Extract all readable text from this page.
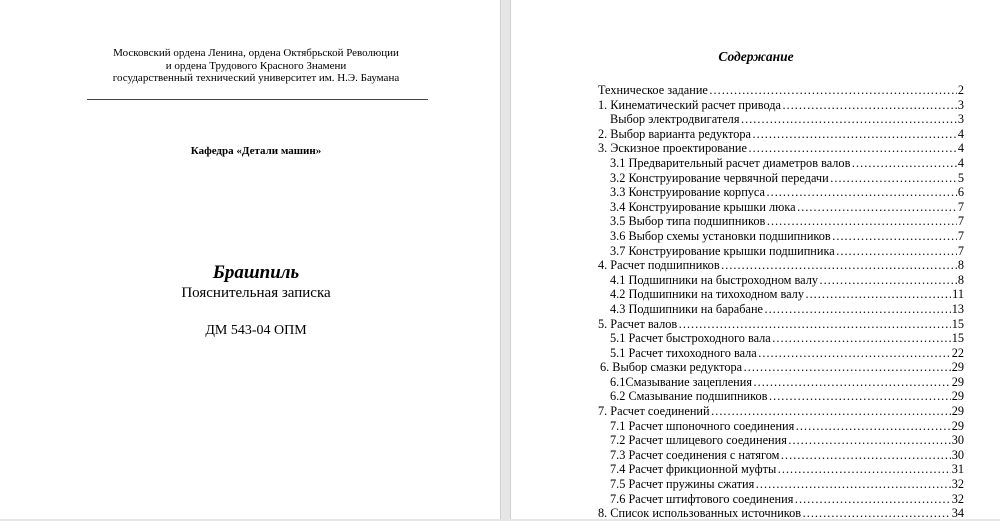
Московский ордена Ленина, ордена Октябрьской Революции
и ордена Трудового Красного Знамени
государственный технический университет им. Н.Э. Баумана
Кафедра «Детали машин»
Брашпиль
Пояснительная записка
ДМ 543-04 ОПМ
Содержание
Техническое задание ………………………………………………………………………………………………………………………………	2
1. Кинематический расчет привода ………………………………………………………………………………………………………………………………	3
Выбор электродвигателя ………………………………………………………………………………………………………………………………	3
2. Выбор варианта редуктора ………………………………………………………………………………………………………………………………	4
3. Эскизное проектирование ………………………………………………………………………………………………………………………………	4
3.1 Предварительный расчет диаметров валов ………………………………………………………………………………………………………………………………	4
3.2 Конструирование червячной передачи ………………………………………………………………………………………………………………………………	5
3.3 Конструирование корпуса ………………………………………………………………………………………………………………………………	6
3.4 Конструирование крышки люка ………………………………………………………………………………………………………………………………	7
3.5 Выбор типа подшипников ………………………………………………………………………………………………………………………………	7
3.6 Выбор схемы установки подшипников ………………………………………………………………………………………………………………………………	7
3.7 Конструирование крышки подшипника ………………………………………………………………………………………………………………………………	7
4. Расчет подшипников ………………………………………………………………………………………………………………………………	8
4.1 Подшипники на быстроходном валу ………………………………………………………………………………………………………………………………	8
4.2 Подшипники на тихоходном валу ………………………………………………………………………………………………………………………………	11
4.3 Подшипники на барабане ………………………………………………………………………………………………………………………………	13
5. Расчет валов ………………………………………………………………………………………………………………………………	15
5.1 Расчет быстроходного вала ………………………………………………………………………………………………………………………………	15
5.1 Расчет тихоходного вала ………………………………………………………………………………………………………………………………	22
6. Выбор смазки редуктора ………………………………………………………………………………………………………………………………	29
6.1Смазывание зацепления ………………………………………………………………………………………………………………………………	29
6.2 Смазывание подшипников ………………………………………………………………………………………………………………………………	29
7. Расчет соединений ………………………………………………………………………………………………………………………………	29
7.1 Расчет шпоночного соединения ………………………………………………………………………………………………………………………………	29
7.2 Расчет шлицевого соединения ………………………………………………………………………………………………………………………………	30
7.3 Расчет соединения с натягом ………………………………………………………………………………………………………………………………	30
7.4 Расчет фрикционной муфты ………………………………………………………………………………………………………………………………	31
7.5 Расчет пружины сжатия ………………………………………………………………………………………………………………………………	32
7.6 Расчет штифтового соединения ………………………………………………………………………………………………………………………………	32
8. Список использованных источников ………………………………………………………………………………………………………………………………	34
